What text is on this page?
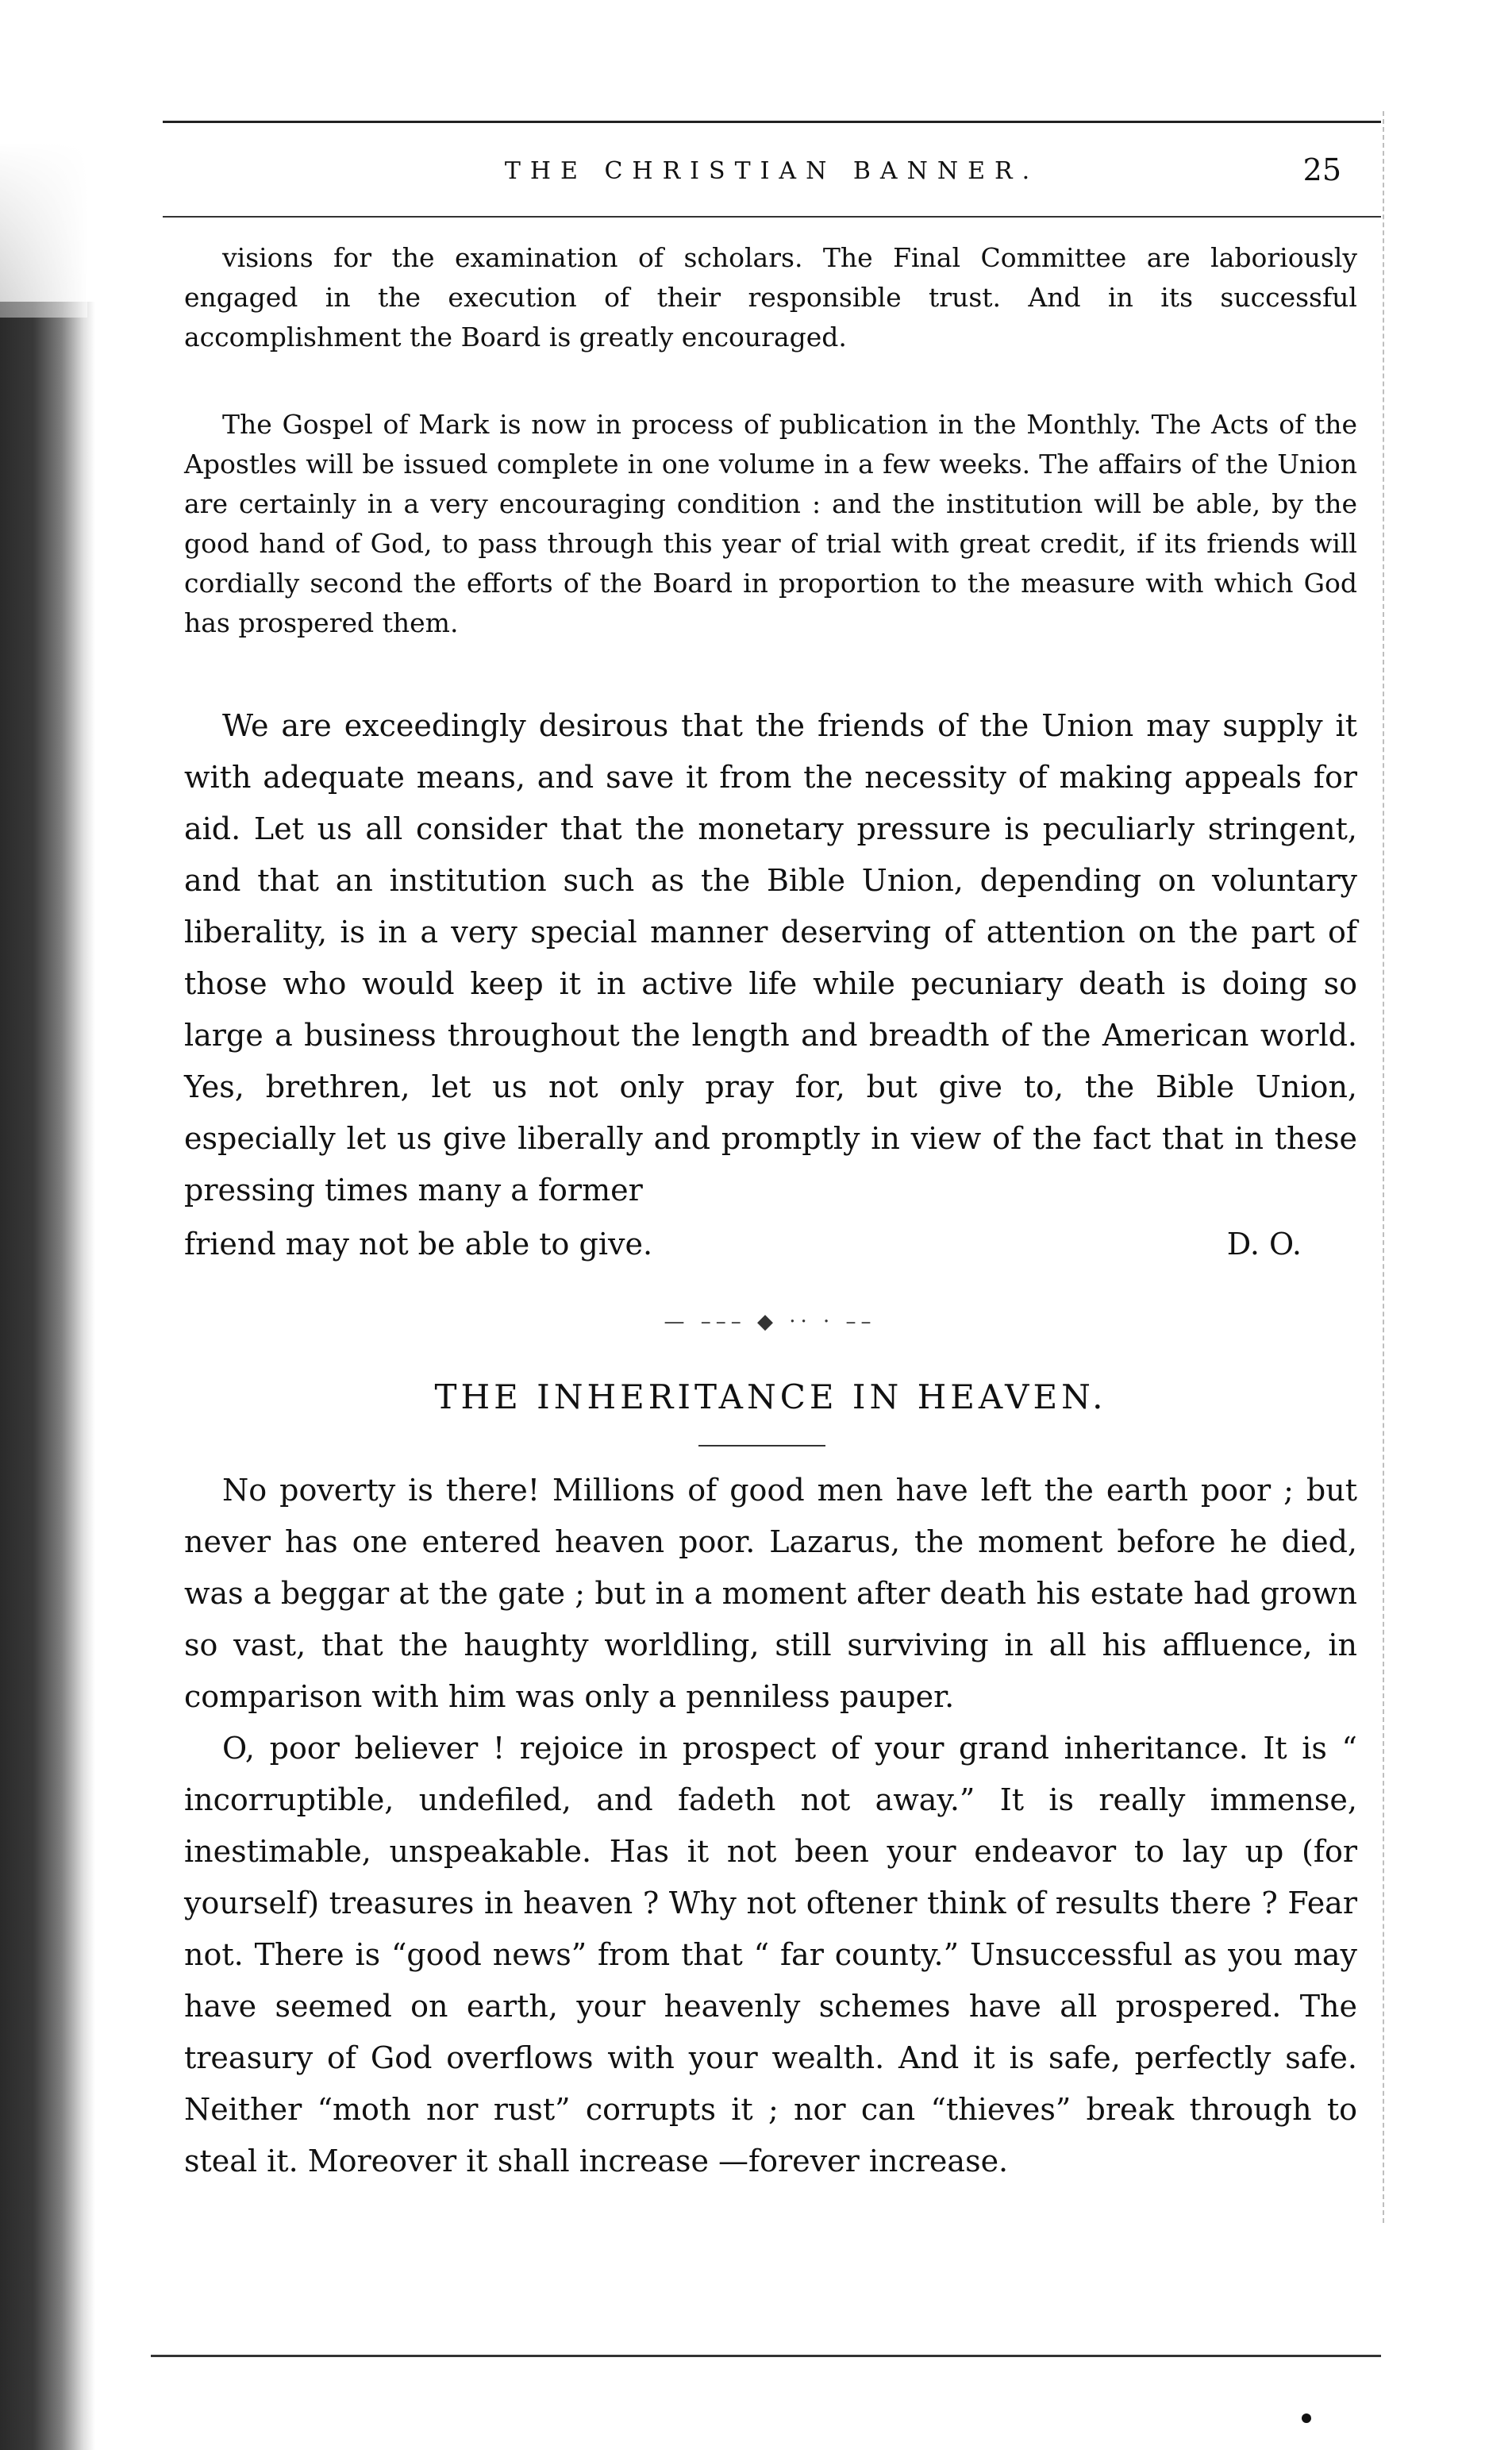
THE CHRISTIAN BANNER.	25

visions for the examination of scholars. The Final Committee are laboriously engaged in the execution of their responsible trust. And in its successful accomplishment the Board is greatly encouraged.

The Gospel of Mark is now in process of publication in the Monthly. The Acts of the Apostles will be issued complete in one volume in a few weeks. The affairs of the Union are certainly in a very encouraging condition : and the institution will be able, by the good hand of God, to pass through this year of trial with great credit, if its friends will cordially second the efforts of the Board in proportion to the measure with which God has prospered them.

We are exceedingly desirous that the friends of the Union may supply it with adequate means, and save it from the necessity of making appeals for aid. Let us all consider that the monetary pressure is peculiarly stringent, and that an institution such as the Bible Union, depending on voluntary liberality, is in a very special manner deserving of attention on the part of those who would keep it in active life while pecuniary death is doing so large a business throughout the length and breadth of the American world. Yes, brethren, let us not only pray for, but give to, the Bible Union, especially let us give liberally and promptly in view of the fact that in these pressing times many a former

friend may not be able to give.	D. O.
— ––– ◆ ·· · ––
THE INHERITANCE IN HEAVEN.

No poverty is there! Millions of good men have left the earth poor ; but never has one entered heaven poor. Lazarus, the moment before he died, was a beggar at the gate ; but in a moment after death his estate had grown so vast, that the haughty worldling, still surviving in all his affluence, in comparison with him was only a penniless pauper.

O, poor believer ! rejoice in prospect of your grand inheritance. It is “ incorruptible, undefiled, and fadeth not away.” It is really immense, inestimable, unspeakable. Has it not been your endeavor to lay up (for yourself) treasures in heaven ? Why not oftener think of results there ? Fear not. There is “good news” from that “ far county.” Unsuccessful as you may have seemed on earth, your heavenly schemes have all prospered. The treasury of God overflows with your wealth. And it is safe, perfectly safe. Neither “moth nor rust” corrupts it ; nor can “thieves” break through to steal it. Moreover it shall increase —forever increase.
